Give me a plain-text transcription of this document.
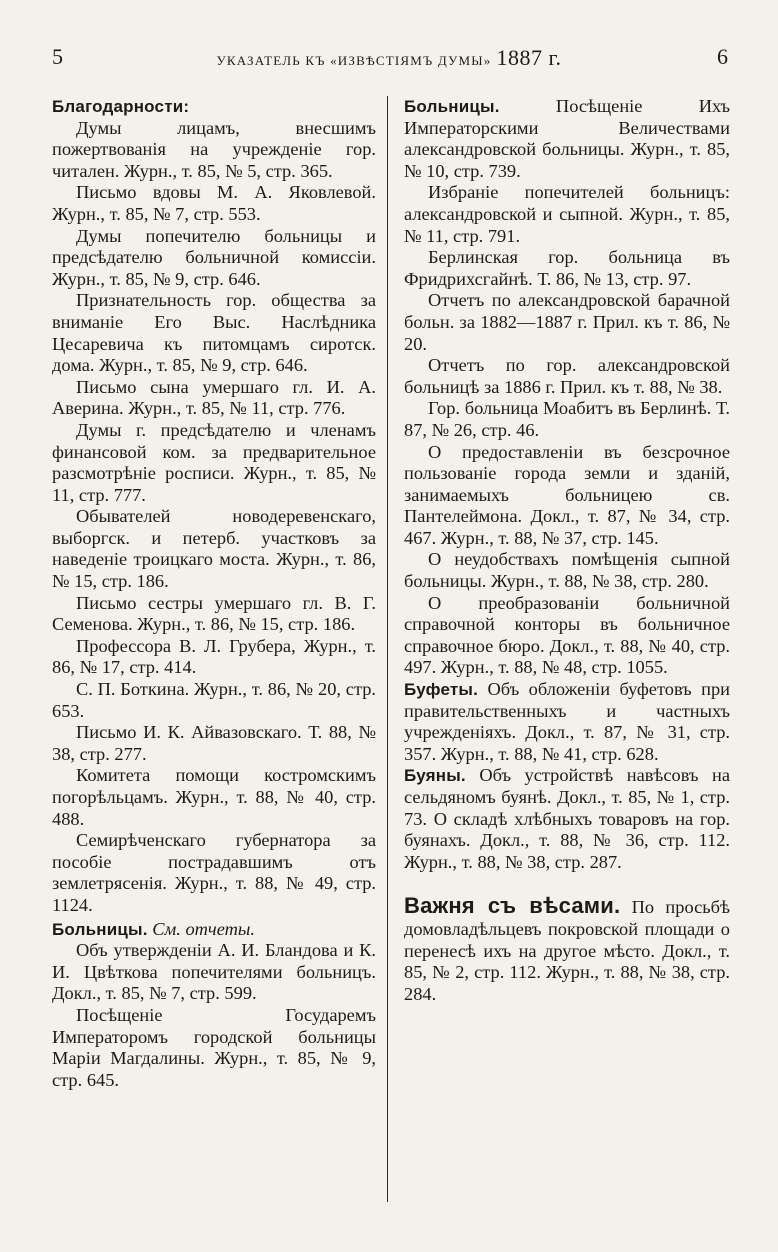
5	УКАЗАТЕЛЬ КЪ «ИЗВѢСТІЯМЪ ДУМЫ» 1887 г.	6
Благодарности:

Думы лицамъ, внесшимъ пожертвованія на учрежденіе гор. читален. Журн., т. 85, № 5, стр. 365.

Письмо вдовы М. А. Яковлевой. Журн., т. 85, № 7, стр. 553.

Думы попечителю больницы и предсѣдателю больничной комиссіи. Журн., т. 85, № 9, стр. 646.

Признательность гор. общества за вниманіе Его Выс. Наслѣдника Цесаревича къ питомцамъ сиротск. дома. Журн., т. 85, № 9, стр. 646.

Письмо сына умершаго гл. И. А. Аверина. Журн., т. 85, № 11, стр. 776.

Думы г. предсѣдателю и членамъ финансовой ком. за предварительное разсмотрѣніе росписи. Журн., т. 85, № 11, стр. 777.

Обывателей новодеревенскаго, выборгск. и петерб. участковъ за наведеніе троицкаго моста. Журн., т. 86, № 15, стр. 186.

Письмо сестры умершаго гл. В. Г. Семенова. Журн., т. 86, № 15, стр. 186.

Профессора В. Л. Грубера, Журн., т. 86, № 17, стр. 414.

С. П. Боткина. Журн., т. 86, № 20, стр. 653.

Письмо И. К. Айвазовскаго. Т. 88, № 38, стр. 277.

Комитета помощи костромскимъ погорѣльцамъ. Журн., т. 88, № 40, стр. 488.

Семирѣченскаго губернатора за пособіе пострадавшимъ отъ землетрясенія. Журн., т. 88, № 49, стр. 1124.

Больницы. См. отчеты.

Объ утвержденіи А. И. Бландова и К. И. Цвѣткова попечителями больницъ. Докл., т. 85, № 7, стр. 599.

Посѣщеніе Государемъ Императоромъ городской больницы Маріи Магдалины. Журн., т. 85, № 9, стр. 645.

Больницы.	Посѣщеніе Ихъ Императорскими Величествами александровской больницы. Журн., т. 85, № 10, стр. 739.

Избраніе попечителей больницъ: александровской и сыпной. Журн., т. 85, № 11, стр. 791.

Берлинская гор. больница въ Фридрихсгайнѣ. Т. 86, № 13, стр. 97.

Отчетъ по александровской барачной больн. за 1882—1887 г. Прил. къ т. 86, № 20.

Отчетъ по гор. александровской больницѣ за 1886 г. Прил. къ т. 88, № 38.

Гор. больница Моабитъ въ Берлинѣ. Т. 87, № 26, стр. 46.

О предоставленіи въ безсрочное пользованіе города земли и зданій, занимаемыхъ больницею св. Пантелеймона. Докл., т. 87, № 34, стр. 467. Журн., т. 88, № 37, стр. 145.

О неудобствахъ помѣщенія сыпной больницы. Журн., т. 88, № 38, стр. 280.

О преобразованіи больничной справочной конторы въ больничное справочное бюро. Докл., т. 88, № 40, стр. 497. Журн., т. 88, № 48, стр. 1055.

Буфеты. Объ обложеніи буфетовъ при правительственныхъ и частныхъ учрежденіяхъ. Докл., т. 87, № 31, стр. 357. Журн., т. 88, № 41, стр. 628.

Буяны. Объ устройствѣ навѣсовъ на сельдяномъ буянѣ. Докл., т. 85, № 1, стр. 73. О складѣ хлѣбныхъ товаровъ на гор. буянахъ. Докл., т. 88, № 36, стр. 112. Журн., т. 88, № 38, стр. 287.

Важня съ вѣсами. По просьбѣ домовладѣльцевъ покровской площади о перенесѣ ихъ на другое мѣсто. Докл., т. 85, № 2, стр. 112. Журн., т. 88, № 38, стр. 284.
